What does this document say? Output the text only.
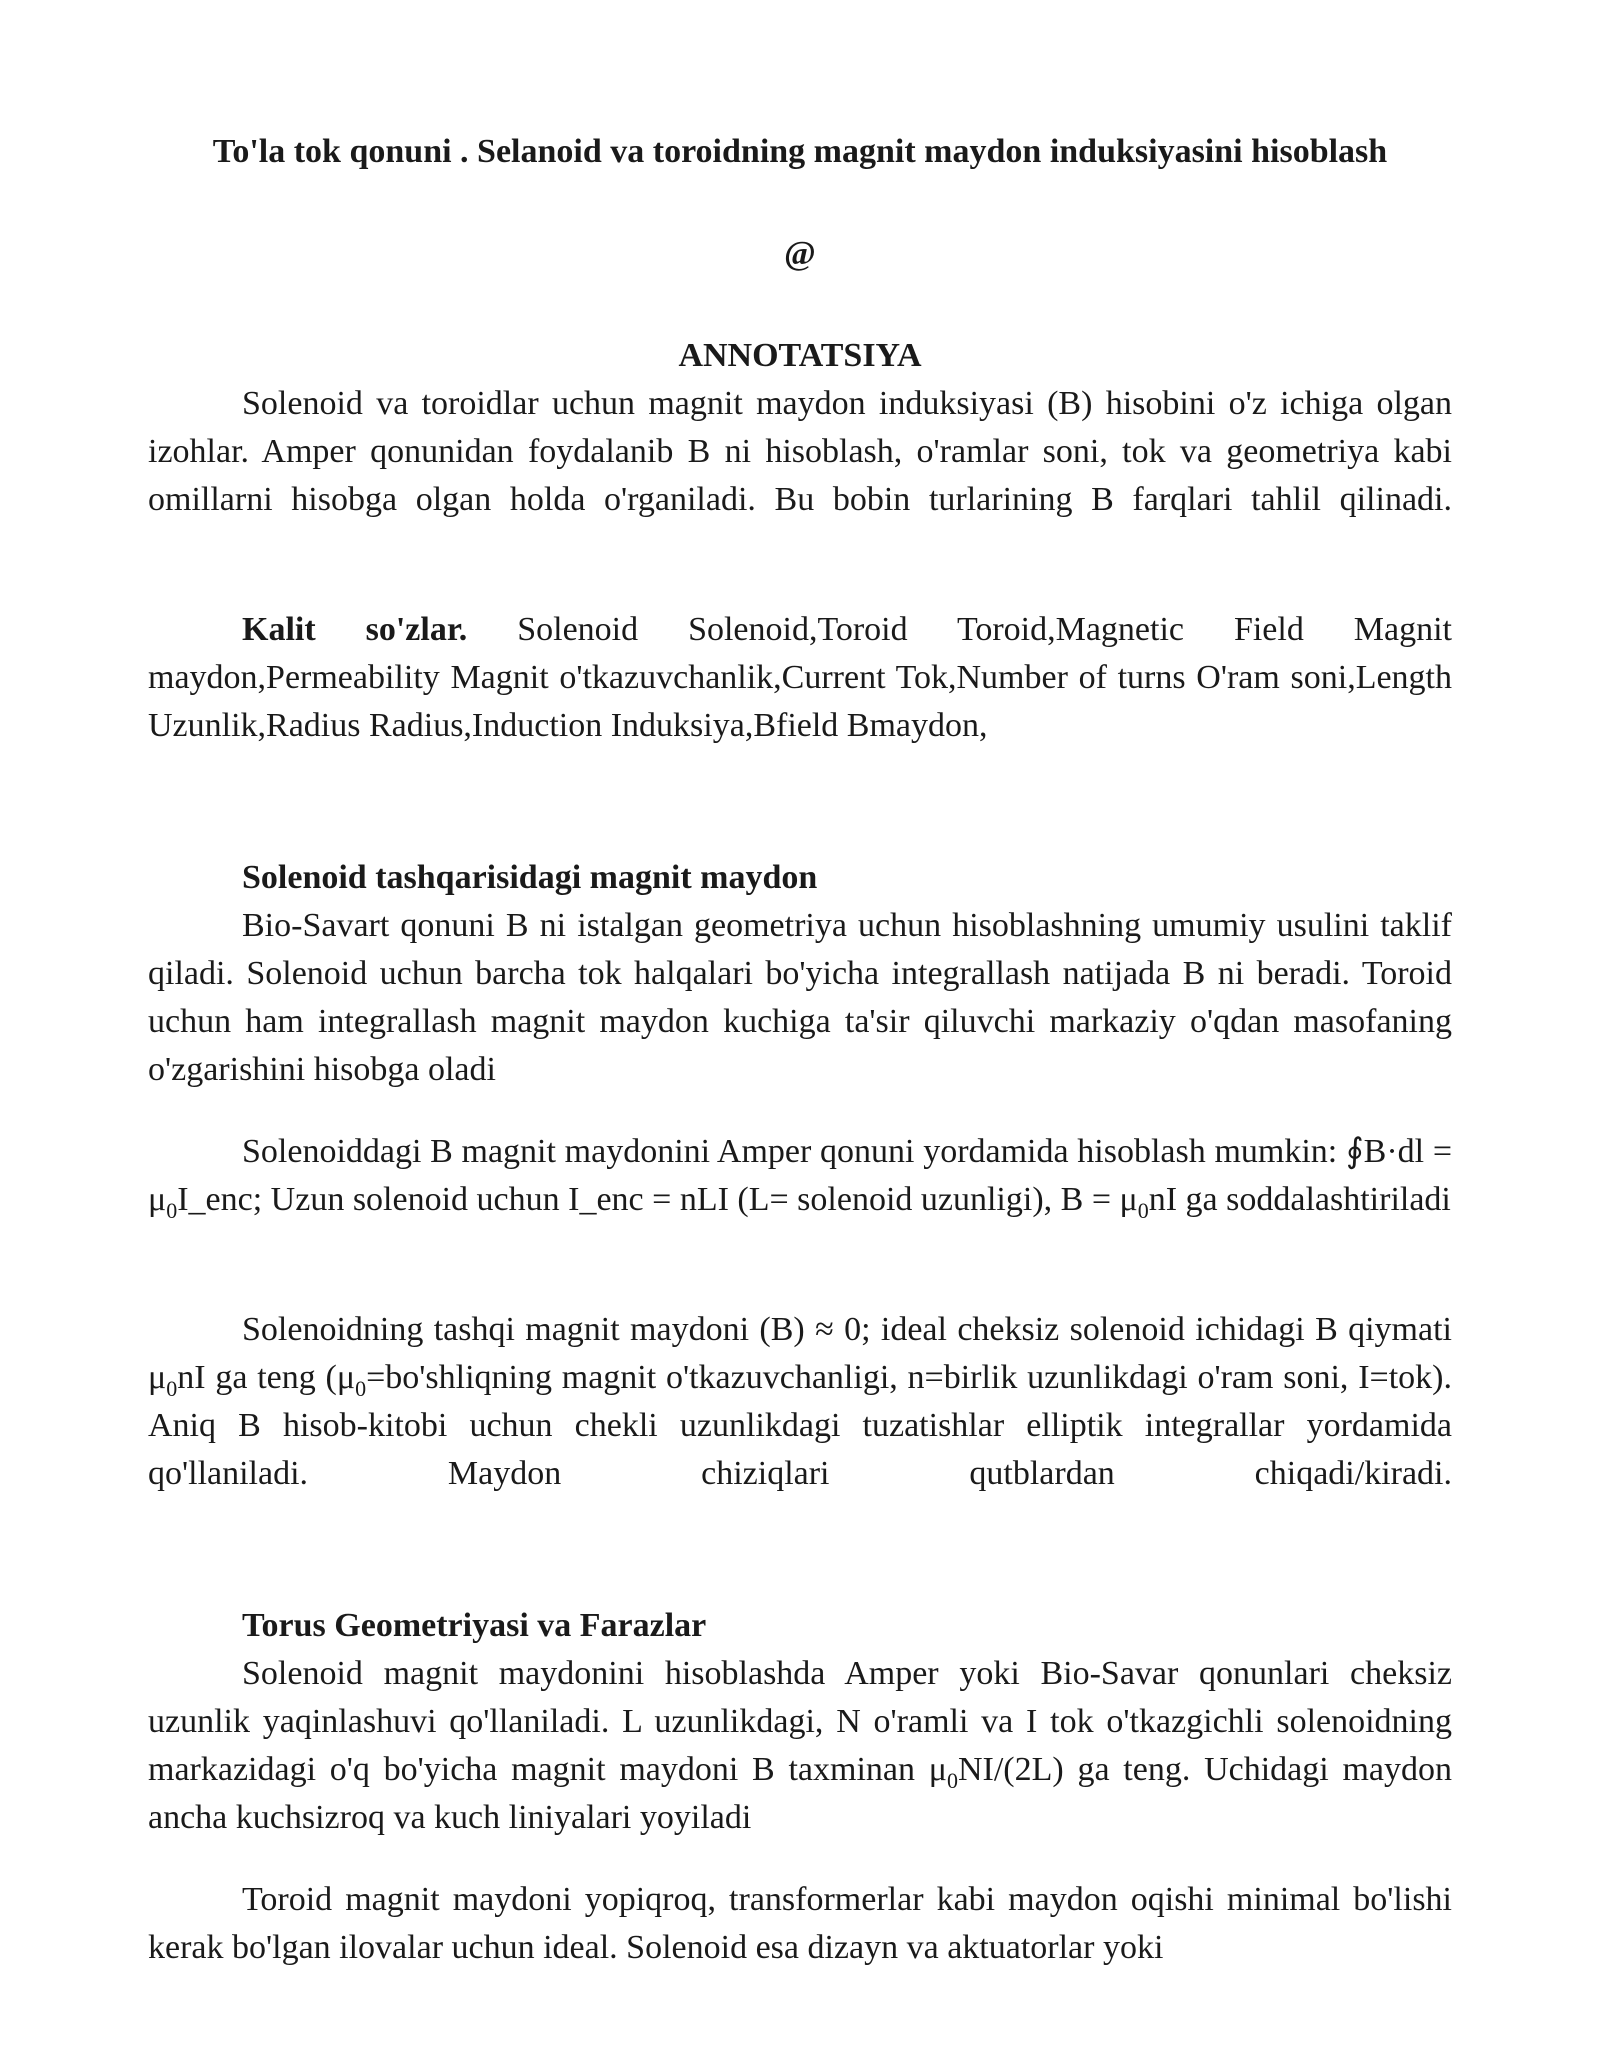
To'la tok qonuni . Selanoid va toroidning magnit maydon induksiyasini hisoblash

@

ANNOTATSIYA

Solenoid va toroidlar uchun magnit maydon induksiyasi (B) hisobini o'z ichiga olgan izohlar. Amper qonunidan foydalanib B ni hisoblash, o'ramlar soni, tok va geometriya kabi omillarni hisobga olgan holda o'rganiladi. Bu bobin turlarining B farqlari tahlil qilinadi.

Kalit so'zlar. Solenoid Solenoid,Toroid Toroid,Magnetic Field Magnit maydon,Permeability Magnit o'tkazuvchanlik,Current Tok,Number of turns O'ram soni,Length Uzunlik,Radius Radius,Induction Induksiya,Bfield Bmaydon,

Solenoid tashqarisidagi magnit maydon

Bio-Savart qonuni B ni istalgan geometriya uchun hisoblashning umumiy usulini taklif qiladi. Solenoid uchun barcha tok halqalari bo'yicha integrallash natijada B ni beradi. Toroid uchun ham integrallash magnit maydon kuchiga ta'sir qiluvchi markaziy o'qdan masofaning o'zgarishini hisobga oladi

Solenoiddagi B magnit maydonini Amper qonuni yordamida hisoblash mumkin: ∮B·dl = $\mu_0I\_enc$; Uzun solenoid uchun I_enc = nLI (L= solenoid uzunligi), $B = \mu_0nI$ ga soddalashtiriladi

Solenoidning tashqi magnit maydoni (B) ≈ 0; ideal cheksiz solenoid ichidagi B qiymati $\mu_0nI$ ga teng ($\mu_0=bo'shliqning$ magnit o'tkazuvchanligi, n=birlik uzunlikdagi o'ram soni, I=tok). Aniq B hisob-kitobi uchun chekli uzunlikdagi tuzatishlar elliptik integrallar yordamida qo'llaniladi. Maydon chiziqlari qutblardan chiqadi/kiradi.

Torus Geometriyasi va Farazlar

Solenoid magnit maydonini hisoblashda Amper yoki Bio-Savar qonunlari cheksiz uzunlik yaqinlashuvi qo'llaniladi. L uzunlikdagi, N o'ramli va I tok o'tkazgichli solenoidning markazidagi o'q bo'yicha magnit maydoni B taxminan $\mu_0NI/(2L)$ ga teng. Uchidagi maydon ancha kuchsizroq va kuch liniyalari yoyiladi

Toroid magnit maydoni yopiqroq, transformerlar kabi maydon oqishi minimal bo'lishi kerak bo'lgan ilovalar uchun ideal. Solenoid esa dizayn va aktuatorlar yoki
